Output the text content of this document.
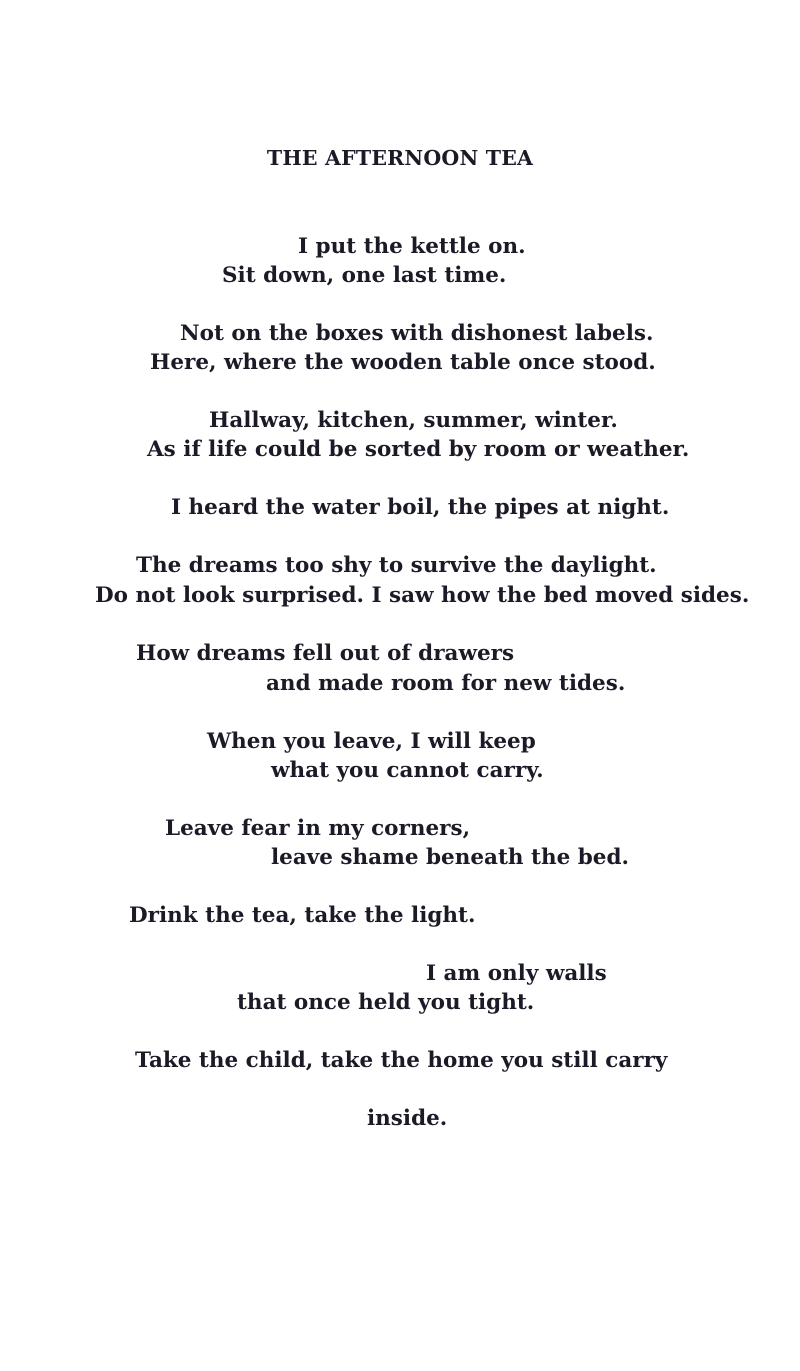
THE AFTERNOON TEA
I put the kettle on.
Sit down, one last time.
Not on the boxes with dishonest labels.
Here, where the wooden table once stood.
Hallway, kitchen, summer, winter.
As if life could be sorted by room or weather.
I heard the water boil, the pipes at night.
The dreams too shy to survive the daylight.
Do not look surprised. I saw how the bed moved sides.
How dreams fell out of drawers
and made room for new tides.
When you leave, I will keep
what you cannot carry.
Leave fear in my corners,
leave shame beneath the bed.
Drink the tea, take the light.
I am only walls
that once held you tight.
Take the child, take the home you still carry
inside.
